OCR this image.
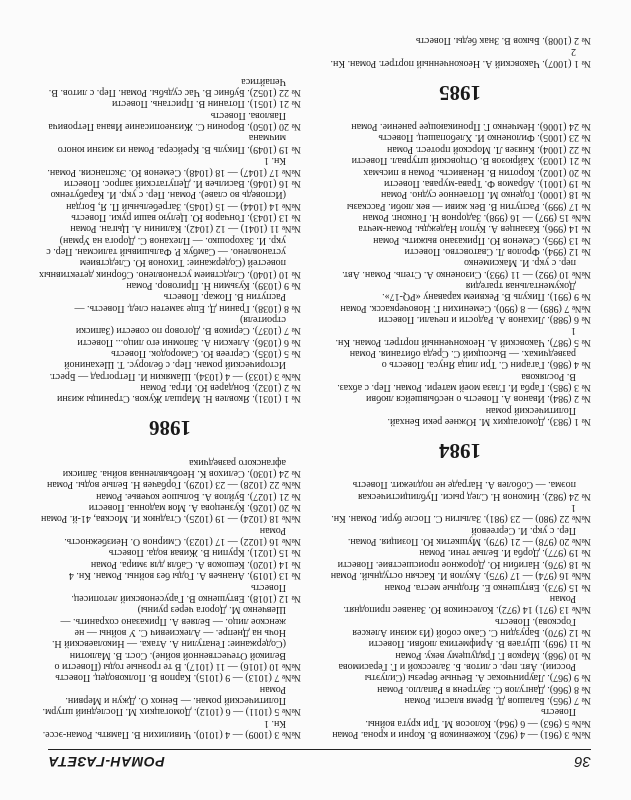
36
РОМАН-ГАЗЕТА

№№ 3 (961) — 4 (962). Кожевников В. Корни и крона. Роман

№№ 5 (963) — 6 (964). Колосов М. Три круга войны. Повесть

№ 7 (965). Балашов Д. Время власти. Роман

№ 8 (966). Дангулов С. Заутреня в Рапалло. Роман

№ 9 (967). Лауринчюкас А. Вечные березы (Силуэты России). Авт. пер. с литов. Б. Залесской и Г. Герасимова

№ 10 (968). Марков Г. Грядущему веку. Роман

№ 11 (969). Шугаев В. Арифметика любви. Повести

№ 12 (970). Баруздин С. Само собой (Из жизни Алексея Горскова). Повесть

№№ 13 (971) 14 (972). Колесников Ю. Занавес приподнят. Роман

№ 15 (973). Евтушенко Е. Ягодные места. Роман

№№ 16 (974) — 17 (975). Акулов И. Касьян остудный. Роман

№ 18 (976). Нагибин Ю. Дорожное происшествие. Повести

№ 19 (977). Дорба И. Белые тени. Роман

№№ 20 (978) — 21 (979). Мушкетик Ю. Позиция. Роман. Пер. с укр. И. Сергеевой

№№ 22 (980) — 23 (981). Залыгин С. После бури. Роман. Кн. 1

№ 24 (982). Никонов Н. След рыси. Публицистическая поэма. — Соболев А. Награде не подлежит. Повесть

1984

№ 1 (983). Домогацких М. Южнее реки Бенхай. Политический роман

№ 2 (984). Иванов А. Повесть о несбывшейся любви

№ 3 (985). Гарба И. Глаза моей матери. Роман. Пер. с абхаз. В. Рослякова

№ 4 (986). Гагарин С. Три лица Януса. Повесть о разведчиках. — Высоцкий С. Среда обитания. Роман

№ 5 (987). Чаковский А. Неоконченный портрет. Роман. Кн. 1

№ 6 (988). Лиханов А. Радости и печали. Повести

№№ 7 (989) — 8 (990). Семенихин Г. Новочеркасск. Роман

№ 9 (991). Пикуль В. Реквием каравану «PQ-17». Документальная трагедия

№№ 10 (992) — 11 (993). Сизоненко А. Степь. Роман. Авт. пер. с укр. И. Максименко

№ 12 (994). Фролов Л. Сватовство. Повести

№ 13 (995). Семенов Ю. Приказано выжить. Роман

№ 14 (996). Казанцев А. Купол Надежды. Роман-мечта

№№ 15 (997) — 16 (998). Задорнов Н. Гонконг. Роман

№ 17 (999). Распутин В. Век живи — век люби. Рассказы

№ 18 (1000). Годенко М. Потаенное судно. Роман

№ 19 (1001). Абрамов Ф. Трава-мурава. Повести

№ 20 (1002). Коротин В. Ненависть. Роман в письмах

№ 21 (1003). Хайрюзов В. Отцовский штурвал. Повести

№ 22 (1004). Князев Л. Морской протест. Роман

№ 23 (1005). Филоненко И. Хлебопашец. Повесть

№ 24 (1006). Немченко Г. Проникающее ранение. Роман

1985

№ 1 (1007). Чаковский А. Неоконченный портрет. Роман. Кн. 2

№ 2 (1008). Быков В. Знак беды. Повесть

№№ 3 (1009) — 4 (1010). Чивилихин В. Память. Роман-эссе. Кн. 1

№№ 5 (1011) — 6 (1012). Домогацких М. Последний штурм. Политический роман. — Бенюх О. Джун и Мервин. Роман

№№ 7 (1013) — 9 (1015). Карпов В. Полководец. Повесть

№№ 10 (1016) — 11 (1017). В те грозные годы (Повести о Великой Отечественной войне). Сост. В. Малютин (Содержание: Генатулин А. Атака. — Николаевский Н. Ночь на Днепре. — Алексиевич С. У войны — не женское лицо. — Беляев А. Приказано сохранить. — Шевченко М. Дорога через руины)

№ 12 (1018). Евтушенко В. Гарусеновский летописец. Повесть

№ 13 (1019). Ананьев А. Годы без войны. Роман. Кн. 4

№ 14 (1020). Кешоков А. Сабля для эмира. Роман

№ 15 (1021). Крупин В. Живая вода. Повесть

№№ 16 (1022) — 17 (1023). Смирнов О. Неизбежность. Роман

№№ 18 (1024) — 19 (1025). Стаднюк И. Москва, 41-й. Роман

№ 20 (1026). Кузнецова А. Моя мадонна. Повести

№ 21 (1027). Буйлов А. Большое кочевье. Роман

№№ 22 (1028) — 23 (1029). Горбачев Н. Белые воды. Роман

№ 24 (1030). Селихов К. Необъявленная война. Записки афганского разведчика

1986

№ 1 (1031). Яковлев Н. Маршал Жуков. Страницы жизни

№ 2 (1032). Бондарев Ю. Игра. Роман

№№ 3 (1033) — 4 (1034). Шамякин И. Петроград — Брест. Исторический роман. Пер. с белорус. Т. Шеханиной

№ 5 (1035). Сергеев Ю. Самородок. Повесть

№ 6 (1036). Алексин А. Запомни его лицо... Повести

№ 7 (1037). Сериков В. Договор по совести (Записки строителя)

№ 8 (1038). Гранин Д. Еще заметен след. Повесть. — Распутин В. Пожар. Повесть

№ 9 (1039). Кузьмин Н. Приговор. Роман

№ 10 (1040). Следствием установлено. Сборник детективных повестей (Содержание: Тихонов Ю. Следствием установлено. — Самбук Р. Фальшивый талисман. Пер. с укр. И. Захорошко. — Плеханов С. Дорога на Урман)

№№ 11 (1041) — 12 (1042). Калинин А. Цыган. Роман

№ 13 (1043). Гончаров Ю. Целую ваши руки. Повесть

№№ 14 (1044) — 15 (1045). Загребельный П. Я, Богдан (Исповедь во славе). Роман. Пер. с укр. И. Карабутенко

№ 16 (1046). Васильев И. Депутатский запрос. Повести

№№ 17 (1047) — 18 (1048). Семенов Ю. Экспансия. Роман. Кн. 1

№ 19 (1049). Пикуль В. Крейсера. Роман из жизни юного мичмана

№ 20 (1050). Воронин С. Жизнеописание Ивана Петровича Павлова. Повесть

№ 21 (1051). Потанин В. Пристань. Повести

№ 22 (1052). Бубнис В. Час судьбы. Роман. Пер. с литов. В. Чепайтиса
